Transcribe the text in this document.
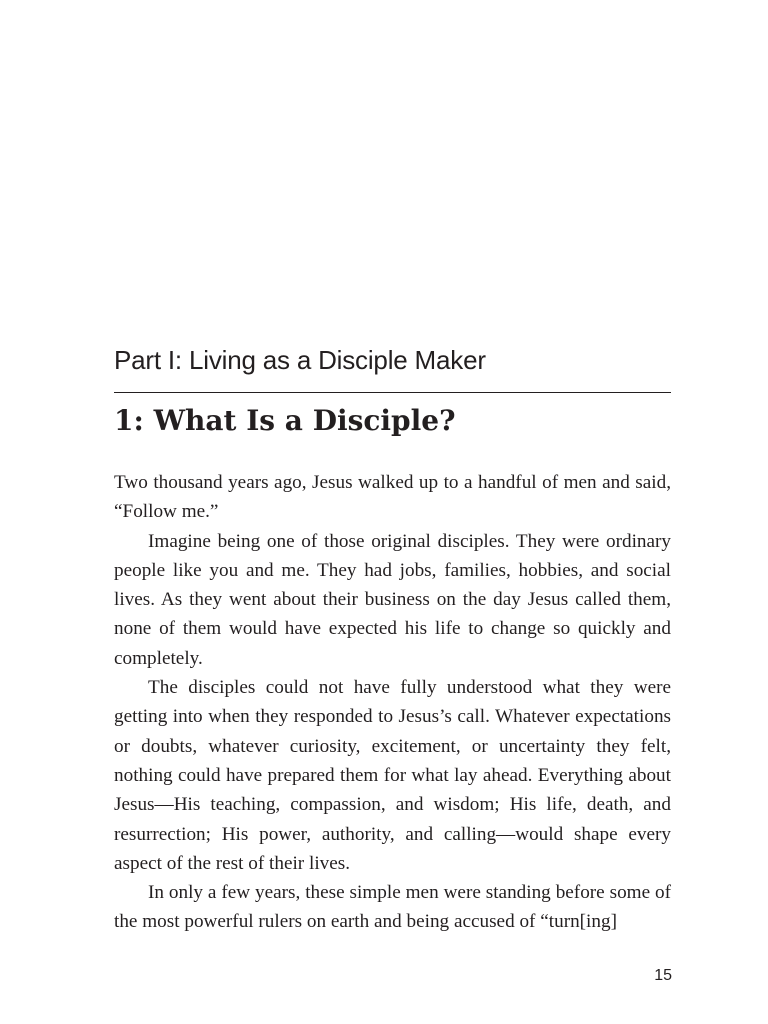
Part I: Living as a Disciple Maker
1: What Is a Disciple?

Two thousand years ago, Jesus walked up to a handful of men and said, “Follow me.”

Imagine being one of those original disciples. They were ordinary people like you and me. They had jobs, families, hobbies, and social lives. As they went about their business on the day Jesus called them, none of them would have expected his life to change so quickly and completely.

The disciples could not have fully understood what they were getting into when they responded to Jesus’s call. Whatever expectations or doubts, whatever curiosity, excitement, or uncertainty they felt, nothing could have prepared them for what lay ahead. Everything about Jesus—His teaching, compassion, and wisdom; His life, death, and resurrection; His power, authority, and calling—would shape every aspect of the rest of their lives.

In only a few years, these simple men were standing before some of the most powerful rulers on earth and being accused of “turn[ing]

15
